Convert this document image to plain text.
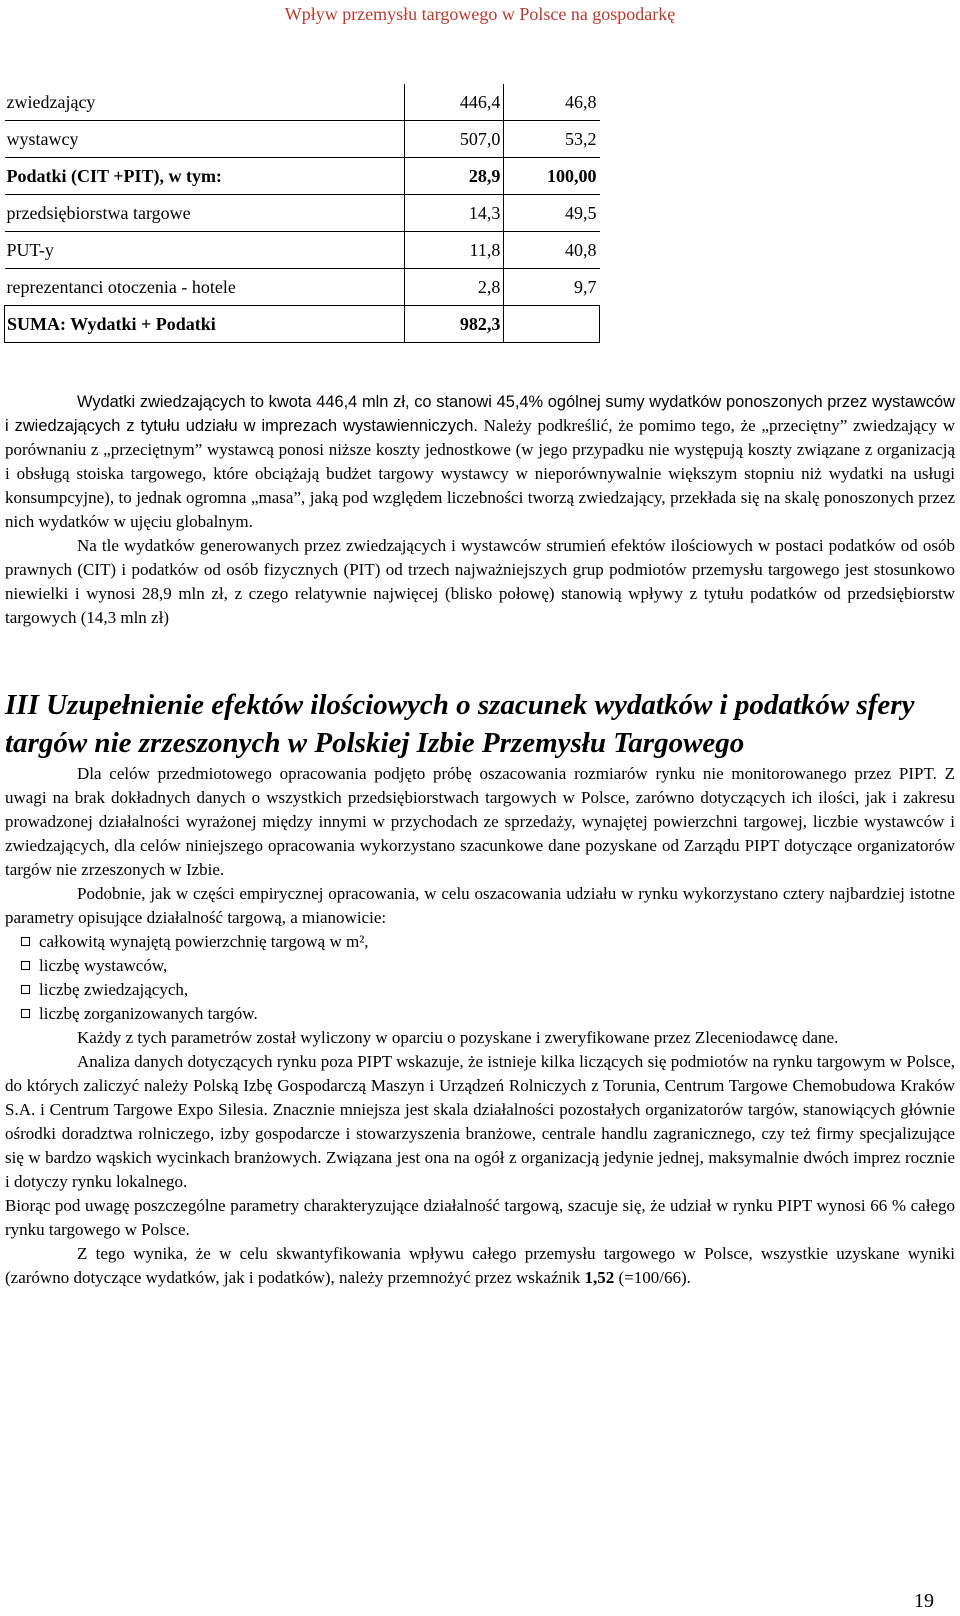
Wpływ przemysłu targowego w Polsce na gospodarkę
zwiedzający	446,4	46,8
wystawcy	507,0	53,2
Podatki (CIT +PIT), w tym:	28,9	100,00
przedsiębiorstwa targowe	14,3	49,5
PUT-y	11,8	40,8
reprezentanci otoczenia - hotele	2,8	9,7
SUMA: Wydatki + Podatki	982,3	

Wydatki zwiedzających to kwota 446,4 mln zł, co stanowi 45,4% ogólnej sumy wydatków ponoszonych przez wystawców i zwiedzających z tytułu udziału w imprezach wystawienniczych. Należy podkreślić, że pomimo tego, że „przeciętny” zwiedzający w porównaniu z „przeciętnym” wystawcą ponosi niższe koszty jednostkowe (w jego przypadku nie występują koszty związane z organizacją i obsługą stoiska targowego, które obciążają budżet targowy wystawcy w nieporównywalnie większym stopniu niż wydatki na usługi konsumpcyjne), to jednak ogromna „masa”, jaką pod względem liczebności tworzą zwiedzający, przekłada się na skalę ponoszonych przez nich wydatków w ujęciu globalnym.

Na tle wydatków generowanych przez zwiedzających i wystawców strumień efektów ilościowych w postaci podatków od osób prawnych (CIT) i podatków od osób fizycznych (PIT) od trzech najważniejszych grup podmiotów przemysłu targowego jest stosunkowo niewielki i wynosi 28,9 mln zł, z czego relatywnie najwięcej (blisko połowę) stanowią wpływy z tytułu podatków od przedsiębiorstw targowych (14,3 mln zł)

III Uzupełnienie efektów ilościowych o szacunek wydatków i podatków sfery targów nie zrzeszonych w Polskiej Izbie Przemysłu Targowego

Dla celów przedmiotowego opracowania podjęto próbę oszacowania rozmiarów rynku nie monitorowanego przez PIPT. Z uwagi na brak dokładnych danych o wszystkich przedsiębiorstwach targowych w Polsce, zarówno dotyczących ich ilości, jak i zakresu prowadzonej działalności wyrażonej między innymi w przychodach ze sprzedaży, wynajętej powierzchni targowej, liczbie wystawców i zwiedzających, dla celów niniejszego opracowania wykorzystano szacunkowe dane pozyskane od Zarządu PIPT dotyczące organizatorów targów nie zrzeszonych w Izbie.

Podobnie, jak w części empirycznej opracowania, w celu oszacowania udziału w rynku wykorzystano cztery najbardziej istotne parametry opisujące działalność targową, a mianowicie:

całkowitą wynajętą powierzchnię targową w m²,
liczbę wystawców,
liczbę zwiedzających,
liczbę zorganizowanych targów.

Każdy z tych parametrów został wyliczony w oparciu o pozyskane i zweryfikowane przez Zleceniodawcę dane.

Analiza danych dotyczących rynku poza PIPT wskazuje, że istnieje kilka liczących się podmiotów na rynku targowym w Polsce, do których zaliczyć należy Polską Izbę Gospodarczą Maszyn i Urządzeń Rolniczych z Torunia, Centrum Targowe Chemobudowa Kraków S.A. i Centrum Targowe Expo Silesia. Znacznie mniejsza jest skala działalności pozostałych organizatorów targów, stanowiących głównie ośrodki doradztwa rolniczego, izby gospodarcze i stowarzyszenia branżowe, centrale handlu zagranicznego, czy też firmy specjalizujące się w bardzo wąskich wycinkach branżowych. Związana jest ona na ogół z organizacją jedynie jednej, maksymalnie dwóch imprez rocznie i dotyczy rynku lokalnego.

Biorąc pod uwagę poszczególne parametry charakteryzujące działalność targową, szacuje się, że udział w rynku PIPT wynosi 66 % całego rynku targowego w Polsce.

Z tego wynika, że w celu skwantyfikowania wpływu całego przemysłu targowego w Polsce, wszystkie uzyskane wyniki (zarówno dotyczące wydatków, jak i podatków), należy przemnożyć przez wskaźnik 1,52 (=100/66).

19
